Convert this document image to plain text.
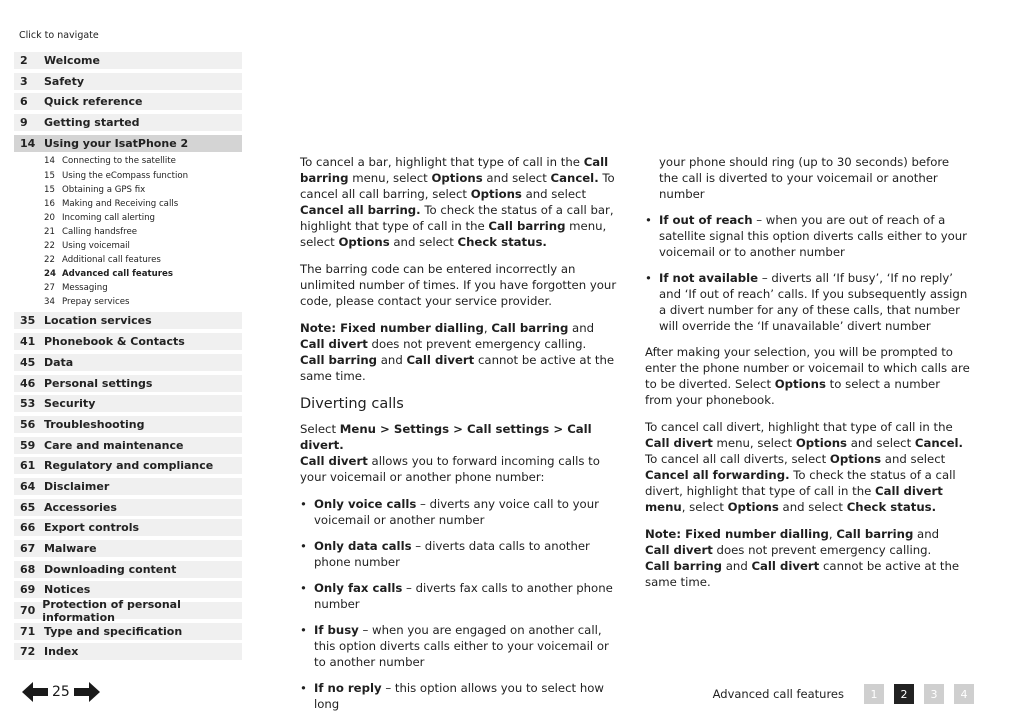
Click to navigate
2	Welcome
3	Safety
6	Quick reference
9	Getting started
14 Using your IsatPhone 2
14 Connecting to the satellite
15 Using the eCompass function
15 Obtaining a GPS fix
16 Making and Receiving calls
20 Incoming call alerting
21 Calling handsfree
22 Using voicemail
22 Additional call features
24 Advanced call features
27 Messaging
34 Prepay services
35 Location services
41 Phonebook & Contacts
45 Data
46 Personal settings
53 Security
56 Troubleshooting
59 Care and maintenance
61 Regulatory and compliance
64 Disclaimer
65 Accessories
66 Export controls
67 Malware
68 Downloading content
69 Notices
70 Protection of personal information
71 Type and specification
72 Index

To cancel a bar, highlight that type of call in the Call barring menu, select Options and select Cancel. To cancel all call barring, select Options and select Cancel all barring. To check the status of a call bar, highlight that type of call in the Call barring menu, select Options and select Check status.

The barring code can be entered incorrectly an unlimited number of times. If you have forgotten your code, please contact your service provider.

Note: Fixed number dialling, Call barring and
Call divert does not prevent emergency calling.
Call barring and Call divert cannot be active at the same time.

Diverting calls

Select Menu > Settings > Call settings > Call divert.
Call divert allows you to forward incoming calls to your voicemail or another phone number:

• Only voice calls – diverts any voice call to your voicemail or another number
• Only data calls – diverts data calls to another phone number
• Only fax calls – diverts fax calls to another phone number
• If busy – when you are engaged on another call, this option diverts calls either to your voicemail or to another number
• If no reply – this option allows you to select how long
your phone should ring (up to 30 seconds) before the call is diverted to your voicemail or another number
• If out of reach – when you are out of reach of a satellite signal this option diverts calls either to your voicemail or to another number
• If not available – diverts all ‘If busy’, ‘If no reply’ and ‘If out of reach’ calls. If you subsequently assign a divert number for any of these calls, that number will override the ‘If unavailable’ divert number

After making your selection, you will be prompted to enter the phone number or voicemail to which calls are to be diverted. Select Options to select a number from your phonebook.

To cancel call divert, highlight that type of call in the Call divert menu, select Options and select Cancel. To cancel all call diverts, select Options and select Cancel all forwarding. To check the status of a call divert, highlight that type of call in the Call divert menu, select Options and select Check status.

Note: Fixed number dialling, Call barring and
Call divert does not prevent emergency calling.
Call barring and Call divert cannot be active at the same time.

25	Advanced call features	1	2	3	4
